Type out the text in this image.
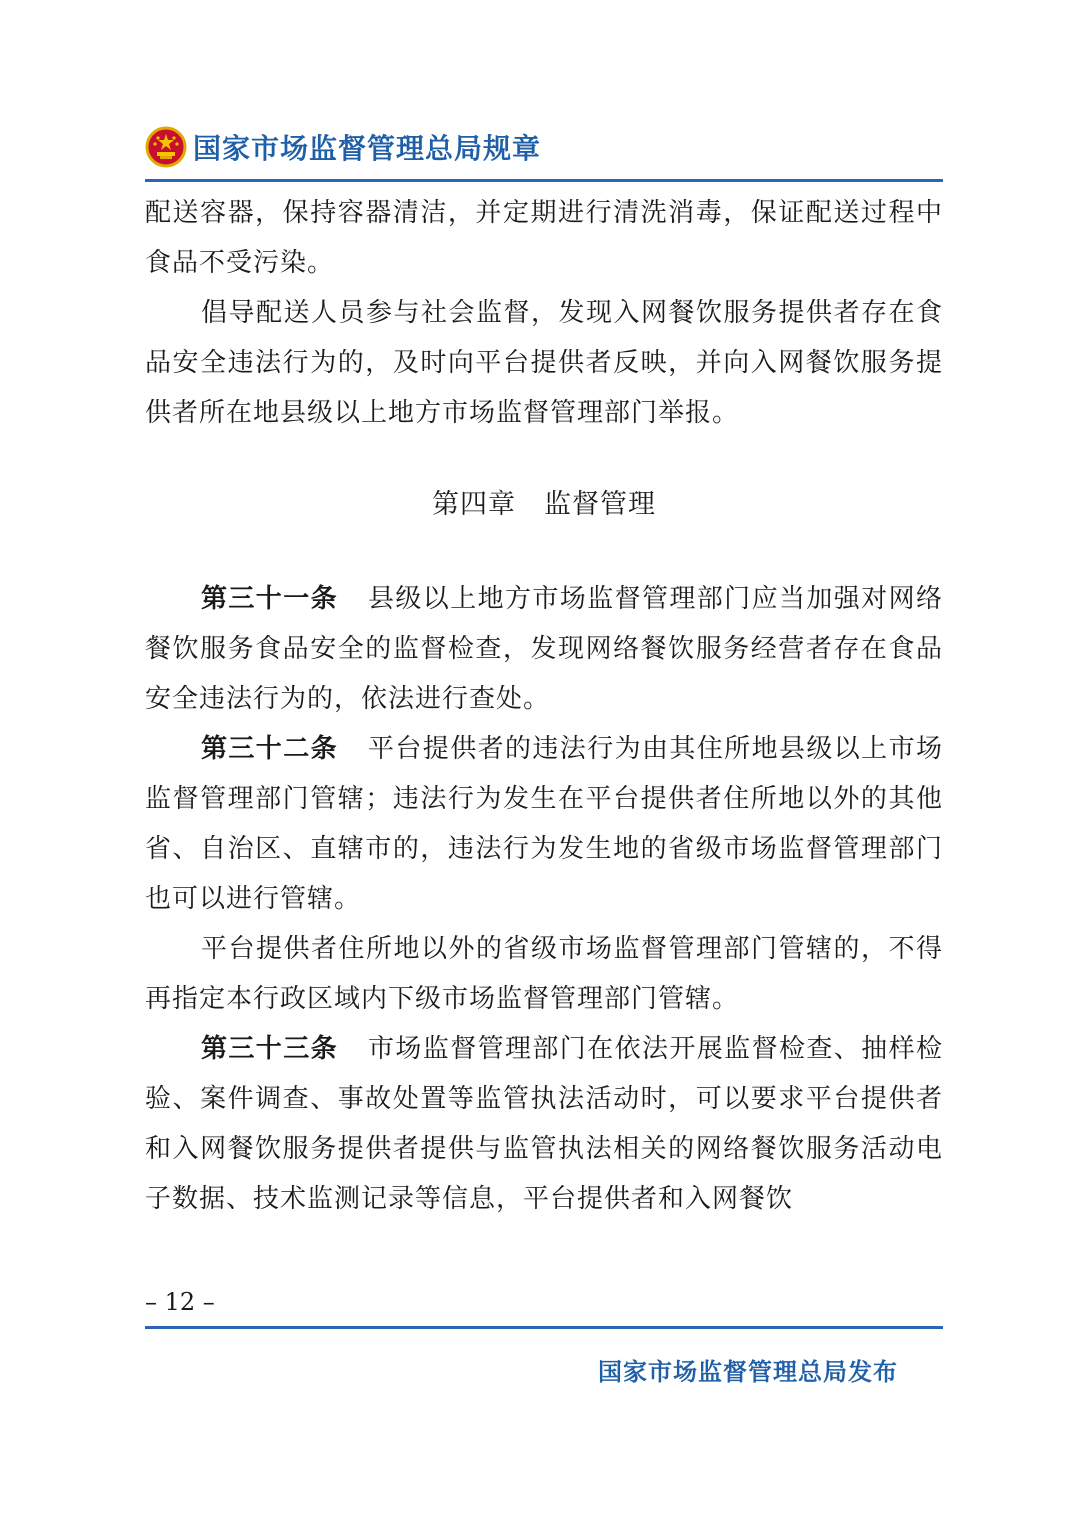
国家市场监督管理总局规章

配送容器，保持容器清洁，并定期进行清洗消毒，保证配送过程中食品不受污染。

倡导配送人员参与社会监督，发现入网餐饮服务提供者存在食品安全违法行为的，及时向平台提供者反映，并向入网餐饮服务提供者所在地县级以上地方市场监督管理部门举报。

第四章 监督管理

第三十一条 县级以上地方市场监督管理部门应当加强对网络餐饮服务食品安全的监督检查，发现网络餐饮服务经营者存在食品安全违法行为的，依法进行查处。

第三十二条 平台提供者的违法行为由其住所地县级以上市场监督管理部门管辖；违法行为发生在平台提供者住所地以外的其他省、自治区、直辖市的，违法行为发生地的省级市场监督管理部门也可以进行管辖。

平台提供者住所地以外的省级市场监督管理部门管辖的，不得再指定本行政区域内下级市场监督管理部门管辖。

第三十三条 市场监督管理部门在依法开展监督检查、抽样检验、案件调查、事故处置等监管执法活动时，可以要求平台提供者和入网餐饮服务提供者提供与监管执法相关的网络餐饮服务活动电子数据、技术监测记录等信息，平台提供者和入网餐饮

– 12 –
国家市场监督管理总局发布
